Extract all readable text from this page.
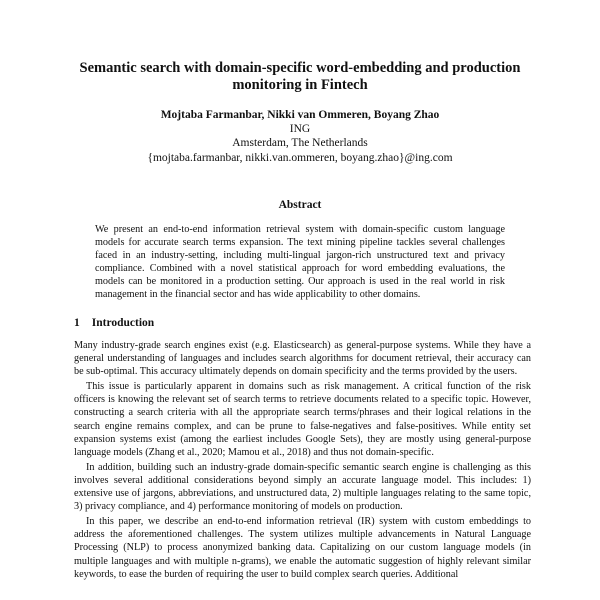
Semantic search with domain-specific word-embedding and production monitoring in Fintech
Mojtaba Farmanbar, Nikki van Ommeren, Boyang Zhao
ING
Amsterdam, The Netherlands
{mojtaba.farmanbar, nikki.van.ommeren, boyang.zhao}@ing.com
Abstract
We present an end-to-end information retrieval system with domain-specific custom language models for accurate search terms expansion. The text mining pipeline tackles several challenges faced in an industry-setting, including multi-lingual jargon-rich unstructured text and privacy compliance. Combined with a novel statistical approach for word embedding evaluations, the models can be monitored in a production setting. Our approach is used in the real world in risk management in the financial sector and has wide applicability to other domains.
1 Introduction

Many industry-grade search engines exist (e.g. Elasticsearch) as general-purpose systems. While they have a general understanding of languages and includes search algorithms for document retrieval, their accuracy can be sub-optimal. This accuracy ultimately depends on domain specificity and the terms provided by the users.

This issue is particularly apparent in domains such as risk management. A critical function of the risk officers is knowing the relevant set of search terms to retrieve documents related to a specific topic. However, constructing a search criteria with all the appropriate search terms/phrases and their logical relations in the search engine remains complex, and can be prune to false-negatives and false-positives. While entity set expansion systems exist (among the earliest includes Google Sets), they are mostly using general-purpose language models (Zhang et al., 2020; Mamou et al., 2018) and thus not domain-specific.

In addition, building such an industry-grade domain-specific semantic search engine is challenging as this involves several additional considerations beyond simply an accurate language model. This includes: 1) extensive use of jargons, abbreviations, and unstructured data, 2) multiple languages relating to the same topic, 3) privacy compliance, and 4) performance monitoring of models on production.

In this paper, we describe an end-to-end information retrieval (IR) system with custom embeddings to address the aforementioned challenges. The system utilizes multiple advancements in Natural Language Processing (NLP) to process anonymized banking data. Capitalizing on our custom language models (in multiple languages and with multiple n-grams), we enable the automatic suggestion of highly relevant similar keywords, to ease the burden of requiring the user to build complex search queries. Additional
